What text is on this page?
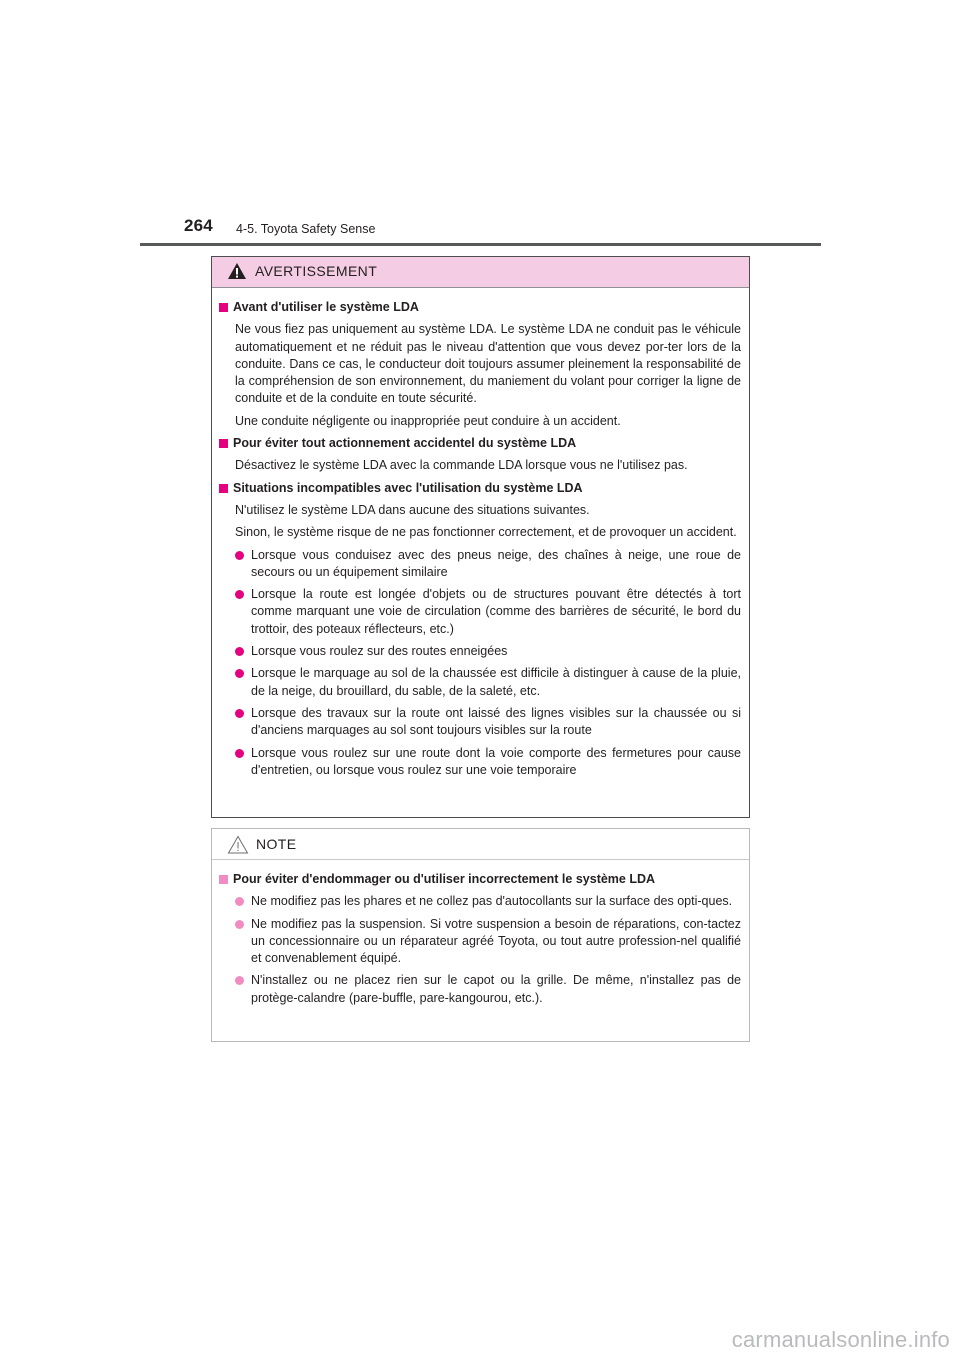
264 4-5. Toyota Safety Sense
AVERTISSEMENT
Avant d'utiliser le système LDA
Ne vous fiez pas uniquement au système LDA. Le système LDA ne conduit pas le véhicule automatiquement et ne réduit pas le niveau d'attention que vous devez por-ter lors de la conduite. Dans ce cas, le conducteur doit toujours assumer pleinement la responsabilité de la compréhension de son environnement, du maniement du volant pour corriger la ligne de conduite et de la conduite en toute sécurité.
Une conduite négligente ou inappropriée peut conduire à un accident.
Pour éviter tout actionnement accidentel du système LDA
Désactivez le système LDA avec la commande LDA lorsque vous ne l'utilisez pas.
Situations incompatibles avec l'utilisation du système LDA
N'utilisez le système LDA dans aucune des situations suivantes.
Sinon, le système risque de ne pas fonctionner correctement, et de provoquer un accident.
Lorsque vous conduisez avec des pneus neige, des chaînes à neige, une roue de secours ou un équipement similaire
Lorsque la route est longée d'objets ou de structures pouvant être détectés à tort comme marquant une voie de circulation (comme des barrières de sécurité, le bord du trottoir, des poteaux réflecteurs, etc.)
Lorsque vous roulez sur des routes enneigées
Lorsque le marquage au sol de la chaussée est difficile à distinguer à cause de la pluie, de la neige, du brouillard, du sable, de la saleté, etc.
Lorsque des travaux sur la route ont laissé des lignes visibles sur la chaussée ou si d'anciens marquages au sol sont toujours visibles sur la route
Lorsque vous roulez sur une route dont la voie comporte des fermetures pour cause d'entretien, ou lorsque vous roulez sur une voie temporaire
NOTE
Pour éviter d'endommager ou d'utiliser incorrectement le système LDA
Ne modifiez pas les phares et ne collez pas d'autocollants sur la surface des opti-ques.
Ne modifiez pas la suspension. Si votre suspension a besoin de réparations, con-tactez un concessionnaire ou un réparateur agréé Toyota, ou tout autre profession-nel qualifié et convenablement équipé.
N'installez ou ne placez rien sur le capot ou la grille. De même, n'installez pas de protège-calandre (pare-buffle, pare-kangourou, etc.).
carmanualsonline.info
